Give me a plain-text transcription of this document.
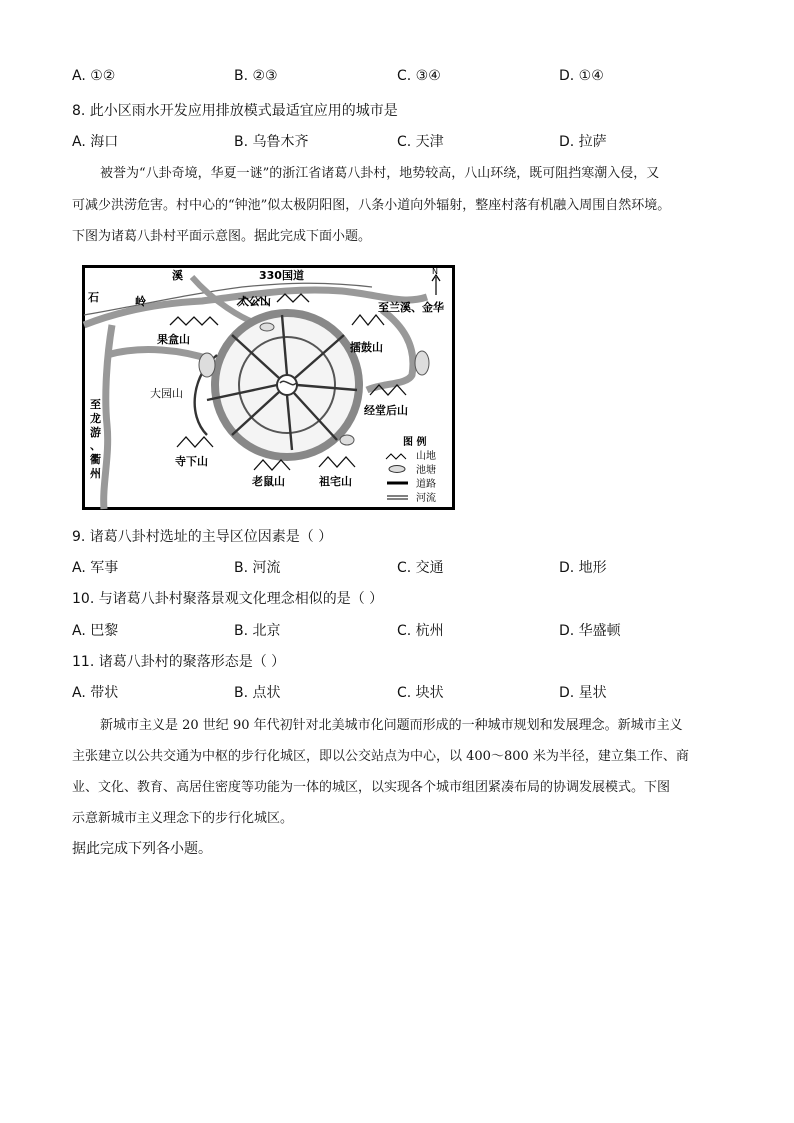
A. ①②	B. ②③	C. ③④	D. ①④
8. 此小区雨水开发应用排放模式最适宜应用的城市是
A. 海口	B. 乌鲁木齐	C. 天津	D. 拉萨
被誉为“八卦奇境，华夏一谜”的浙江省诸葛八卦村，地势较高，八山环绕，既可阻挡寒潮入侵，又
可减少洪涝危害。村中心的“钟池”似太极阴阳图，八条小道向外辐射，整座村落有机融入周围自然环境。
下图为诸葛八卦村平面示意图。据此完成下面小题。
溪	330国道
石	岭	太公山	至兰溪、金华
果盒山
擂鼓山
大园山
经堂后山
寺下山
老鼠山	祖宅山
至
龙
游
、
衢
州
N
图 例
山地
池塘
道路
河流
9. 诸葛八卦村选址的主导区位因素是（ ）
A. 军事	B. 河流	C. 交通	D. 地形
10. 与诸葛八卦村聚落景观文化理念相似的是（ ）
A. 巴黎	B. 北京	C. 杭州	D. 华盛顿
11. 诸葛八卦村的聚落形态是（ ）
A. 带状	B. 点状	C. 块状	D. 星状
新城市主义是 20 世纪 90 年代初针对北美城市化问题而形成的一种城市规划和发展理念。新城市主义
主张建立以公共交通为中枢的步行化城区，即以公交站点为中心，以 400～800 米为半径，建立集工作、商
业、文化、教育、高居住密度等功能为一体的城区，以实现各个城市组团紧凑布局的协调发展模式。下图
示意新城市主义理念下的步行化城区。
据此完成下列各小题。
